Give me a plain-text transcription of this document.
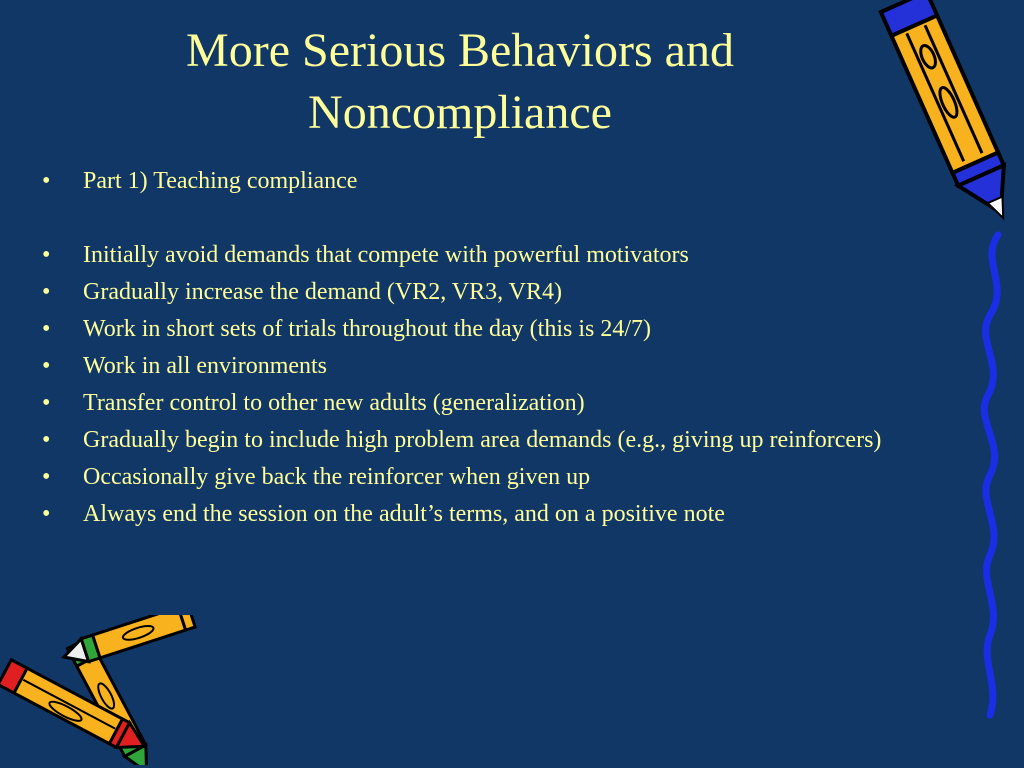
More Serious Behaviors and
Noncompliance
• Part 1) Teaching compliance
• Initially avoid demands that compete with powerful motivators
• Gradually increase the demand (VR2, VR3, VR4)
• Work in short sets of trials throughout the day (this is 24/7)
• Work in all environments
• Transfer control to other new adults (generalization)
• Gradually begin to include high problem area demands (e.g., giving up reinforcers)
• Occasionally give back the reinforcer when given up
• Always end the session on the adult’s terms, and on a positive note
